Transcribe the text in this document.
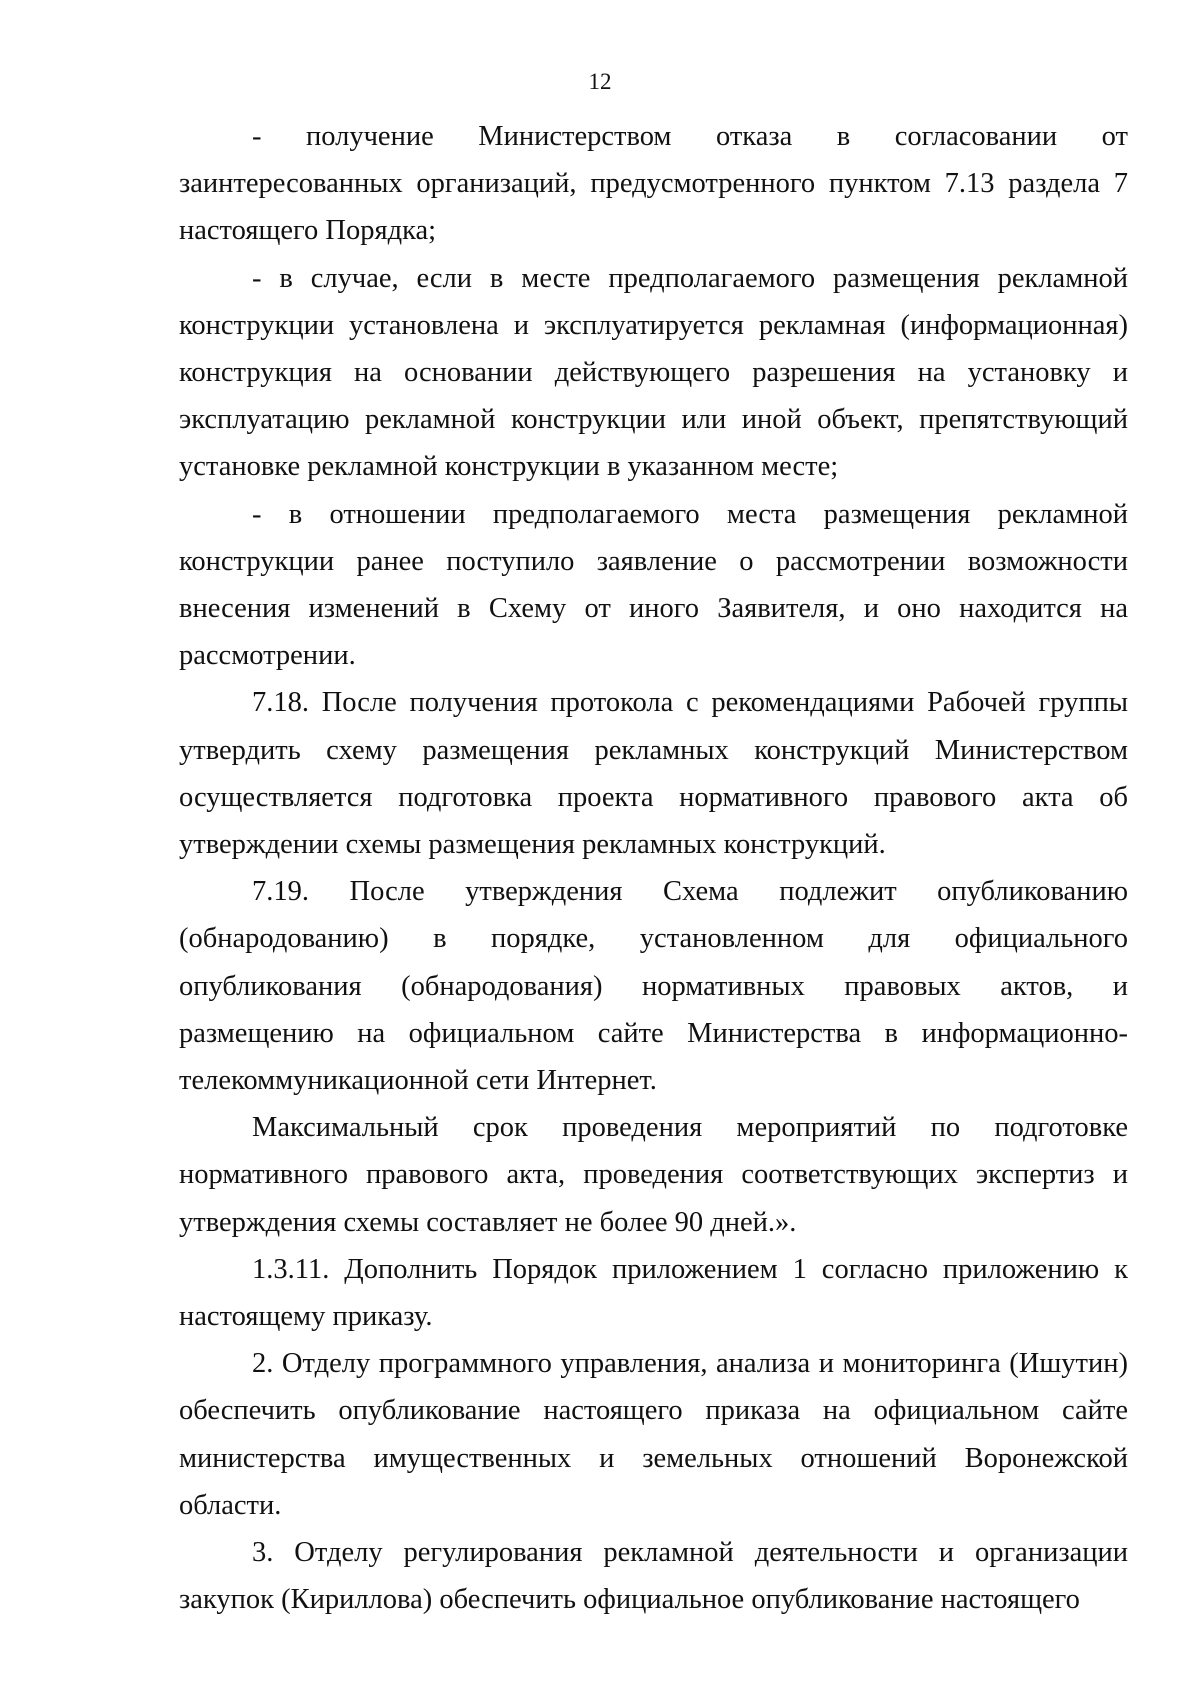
12

- получение Министерством отказа в согласовании от заинтересованных организаций, предусмотренного пунктом 7.13 раздела 7 настоящего Порядка;

- в случае, если в месте предполагаемого размещения рекламной конструкции установлена и эксплуатируется рекламная (информационная) конструкция на основании действующего разрешения на установку и эксплуатацию рекламной конструкции или иной объект, препятствующий установке рекламной конструкции в указанном месте;

- в отношении предполагаемого места размещения рекламной конструкции ранее поступило заявление о рассмотрении возможности внесения изменений в Схему от иного Заявителя, и оно находится на рассмотрении.

7.18. После получения протокола с рекомендациями Рабочей группы утвердить схему размещения рекламных конструкций Министерством осуществляется подготовка проекта нормативного правового акта об утверждении схемы размещения рекламных конструкций.

7.19. После утверждения Схема подлежит опубликованию (обнародованию) в порядке, установленном для официального опубликования (обнародования) нормативных правовых актов, и размещению на официальном сайте Министерства в информационно-телекоммуникационной сети Интернет.

Максимальный срок проведения мероприятий по подготовке нормативного правового акта, проведения соответствующих экспертиз и утверждения схемы составляет не более 90 дней.».

1.3.11. Дополнить Порядок приложением 1 согласно приложению к настоящему приказу.

2. Отделу программного управления, анализа и мониторинга (Ишутин) обеспечить опубликование настоящего приказа на официальном сайте министерства имущественных и земельных отношений Воронежской области.

3. Отделу регулирования рекламной деятельности и организации закупок (Кириллова) обеспечить официальное опубликование настоящего
